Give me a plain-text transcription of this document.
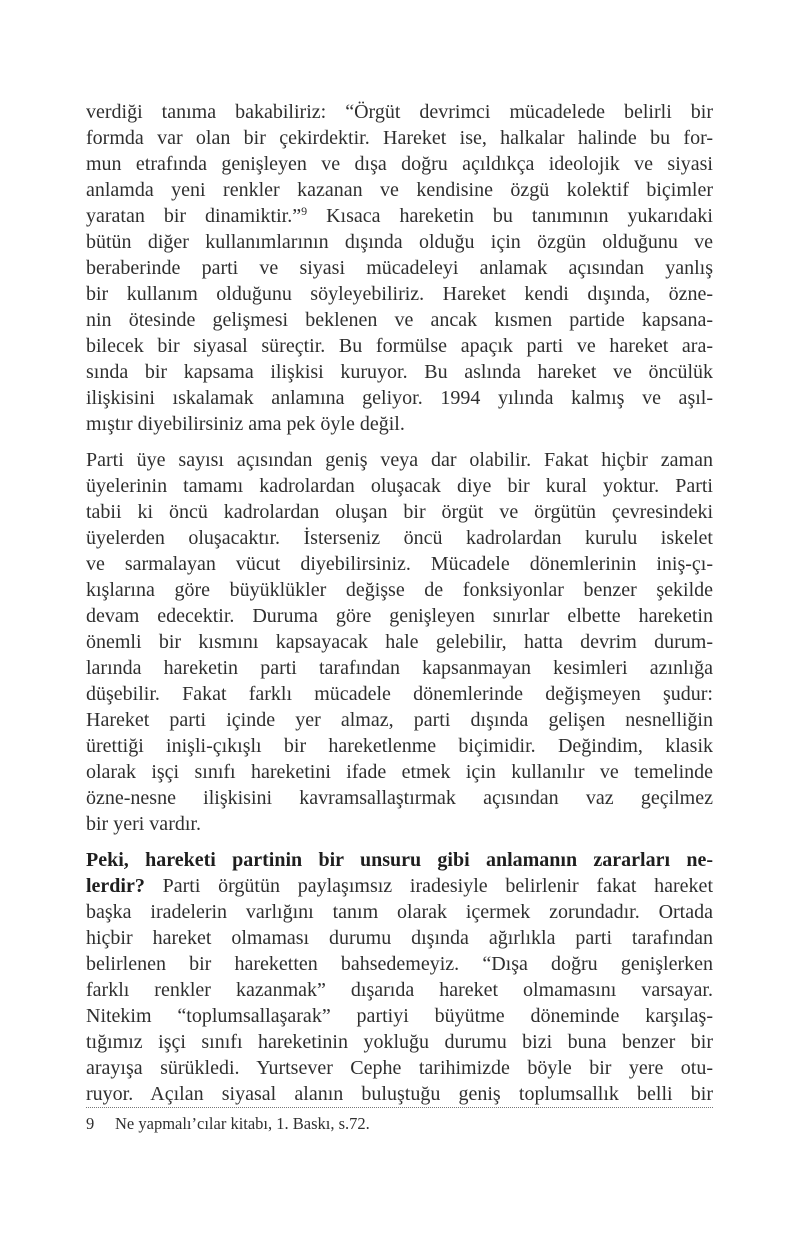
verdiği tanıma bakabiliriz: “Örgüt devrimci mücadelede belirli bir
formda var olan bir çekirdektir. Hareket ise, halkalar halinde bu for-
mun etrafında genişleyen ve dışa doğru açıldıkça ideolojik ve siyasi
anlamda yeni renkler kazanan ve kendisine özgü kolektif biçimler
yaratan bir dinamiktir.”$^9$ Kısaca hareketin bu tanımının yukarıdaki
bütün diğer kullanımlarının dışında olduğu için özgün olduğunu ve
beraberinde parti ve siyasi mücadeleyi anlamak açısından yanlış
bir kullanım olduğunu söyleyebiliriz. Hareket kendi dışında, özne-
nin ötesinde gelişmesi beklenen ve ancak kısmen partide kapsana-
bilecek bir siyasal süreçtir. Bu formülse apaçık parti ve hareket ara-
sında bir kapsama ilişkisi kuruyor. Bu aslında hareket ve öncülük
ilişkisini ıskalamak anlamına geliyor. 1994 yılında kalmış ve aşıl-
mıştır diyebilirsiniz ama pek öyle değil.
Parti üye sayısı açısından geniş veya dar olabilir. Fakat hiçbir zaman
üyelerinin tamamı kadrolardan oluşacak diye bir kural yoktur. Parti
tabii ki öncü kadrolardan oluşan bir örgüt ve örgütün çevresindeki
üyelerden oluşacaktır. İsterseniz öncü kadrolardan kurulu iskelet
ve sarmalayan vücut diyebilirsiniz. Mücadele dönemlerinin iniş-çı-
kışlarına göre büyüklükler değişse de fonksiyonlar benzer şekilde
devam edecektir. Duruma göre genişleyen sınırlar elbette hareketin
önemli bir kısmını kapsayacak hale gelebilir, hatta devrim durum-
larında hareketin parti tarafından kapsanmayan kesimleri azınlığa
düşebilir. Fakat farklı mücadele dönemlerinde değişmeyen şudur:
Hareket parti içinde yer almaz, parti dışında gelişen nesnelliğin
ürettiği inişli-çıkışlı bir hareketlenme biçimidir. Değindim, klasik
olarak işçi sınıfı hareketini ifade etmek için kullanılır ve temelinde
özne-nesne ilişkisini kavramsallaştırmak açısından vaz geçilmez
bir yeri vardır.
Peki, hareketi partinin bir unsuru gibi anlamanın zararları ne-
lerdir? Parti örgütün paylaşımsız iradesiyle belirlenir fakat hareket
başka iradelerin varlığını tanım olarak içermek zorundadır. Ortada
hiçbir hareket olmaması durumu dışında ağırlıkla parti tarafından
belirlenen bir hareketten bahsedemeyiz. “Dışa doğru genişlerken
farklı renkler kazanmak” dışarıda hareket olmamasını varsayar.
Nitekim “toplumsallaşarak” partiyi büyütme döneminde karşılaş-
tığımız işçi sınıfı hareketinin yokluğu durumu bizi buna benzer bir
arayışa sürükledi. Yurtsever Cephe tarihimizde böyle bir yere otu-
ruyor. Açılan siyasal alanın buluştuğu geniş toplumsallık belli bir
9	Ne yapmalı’cılar kitabı, 1. Baskı, s.72.
